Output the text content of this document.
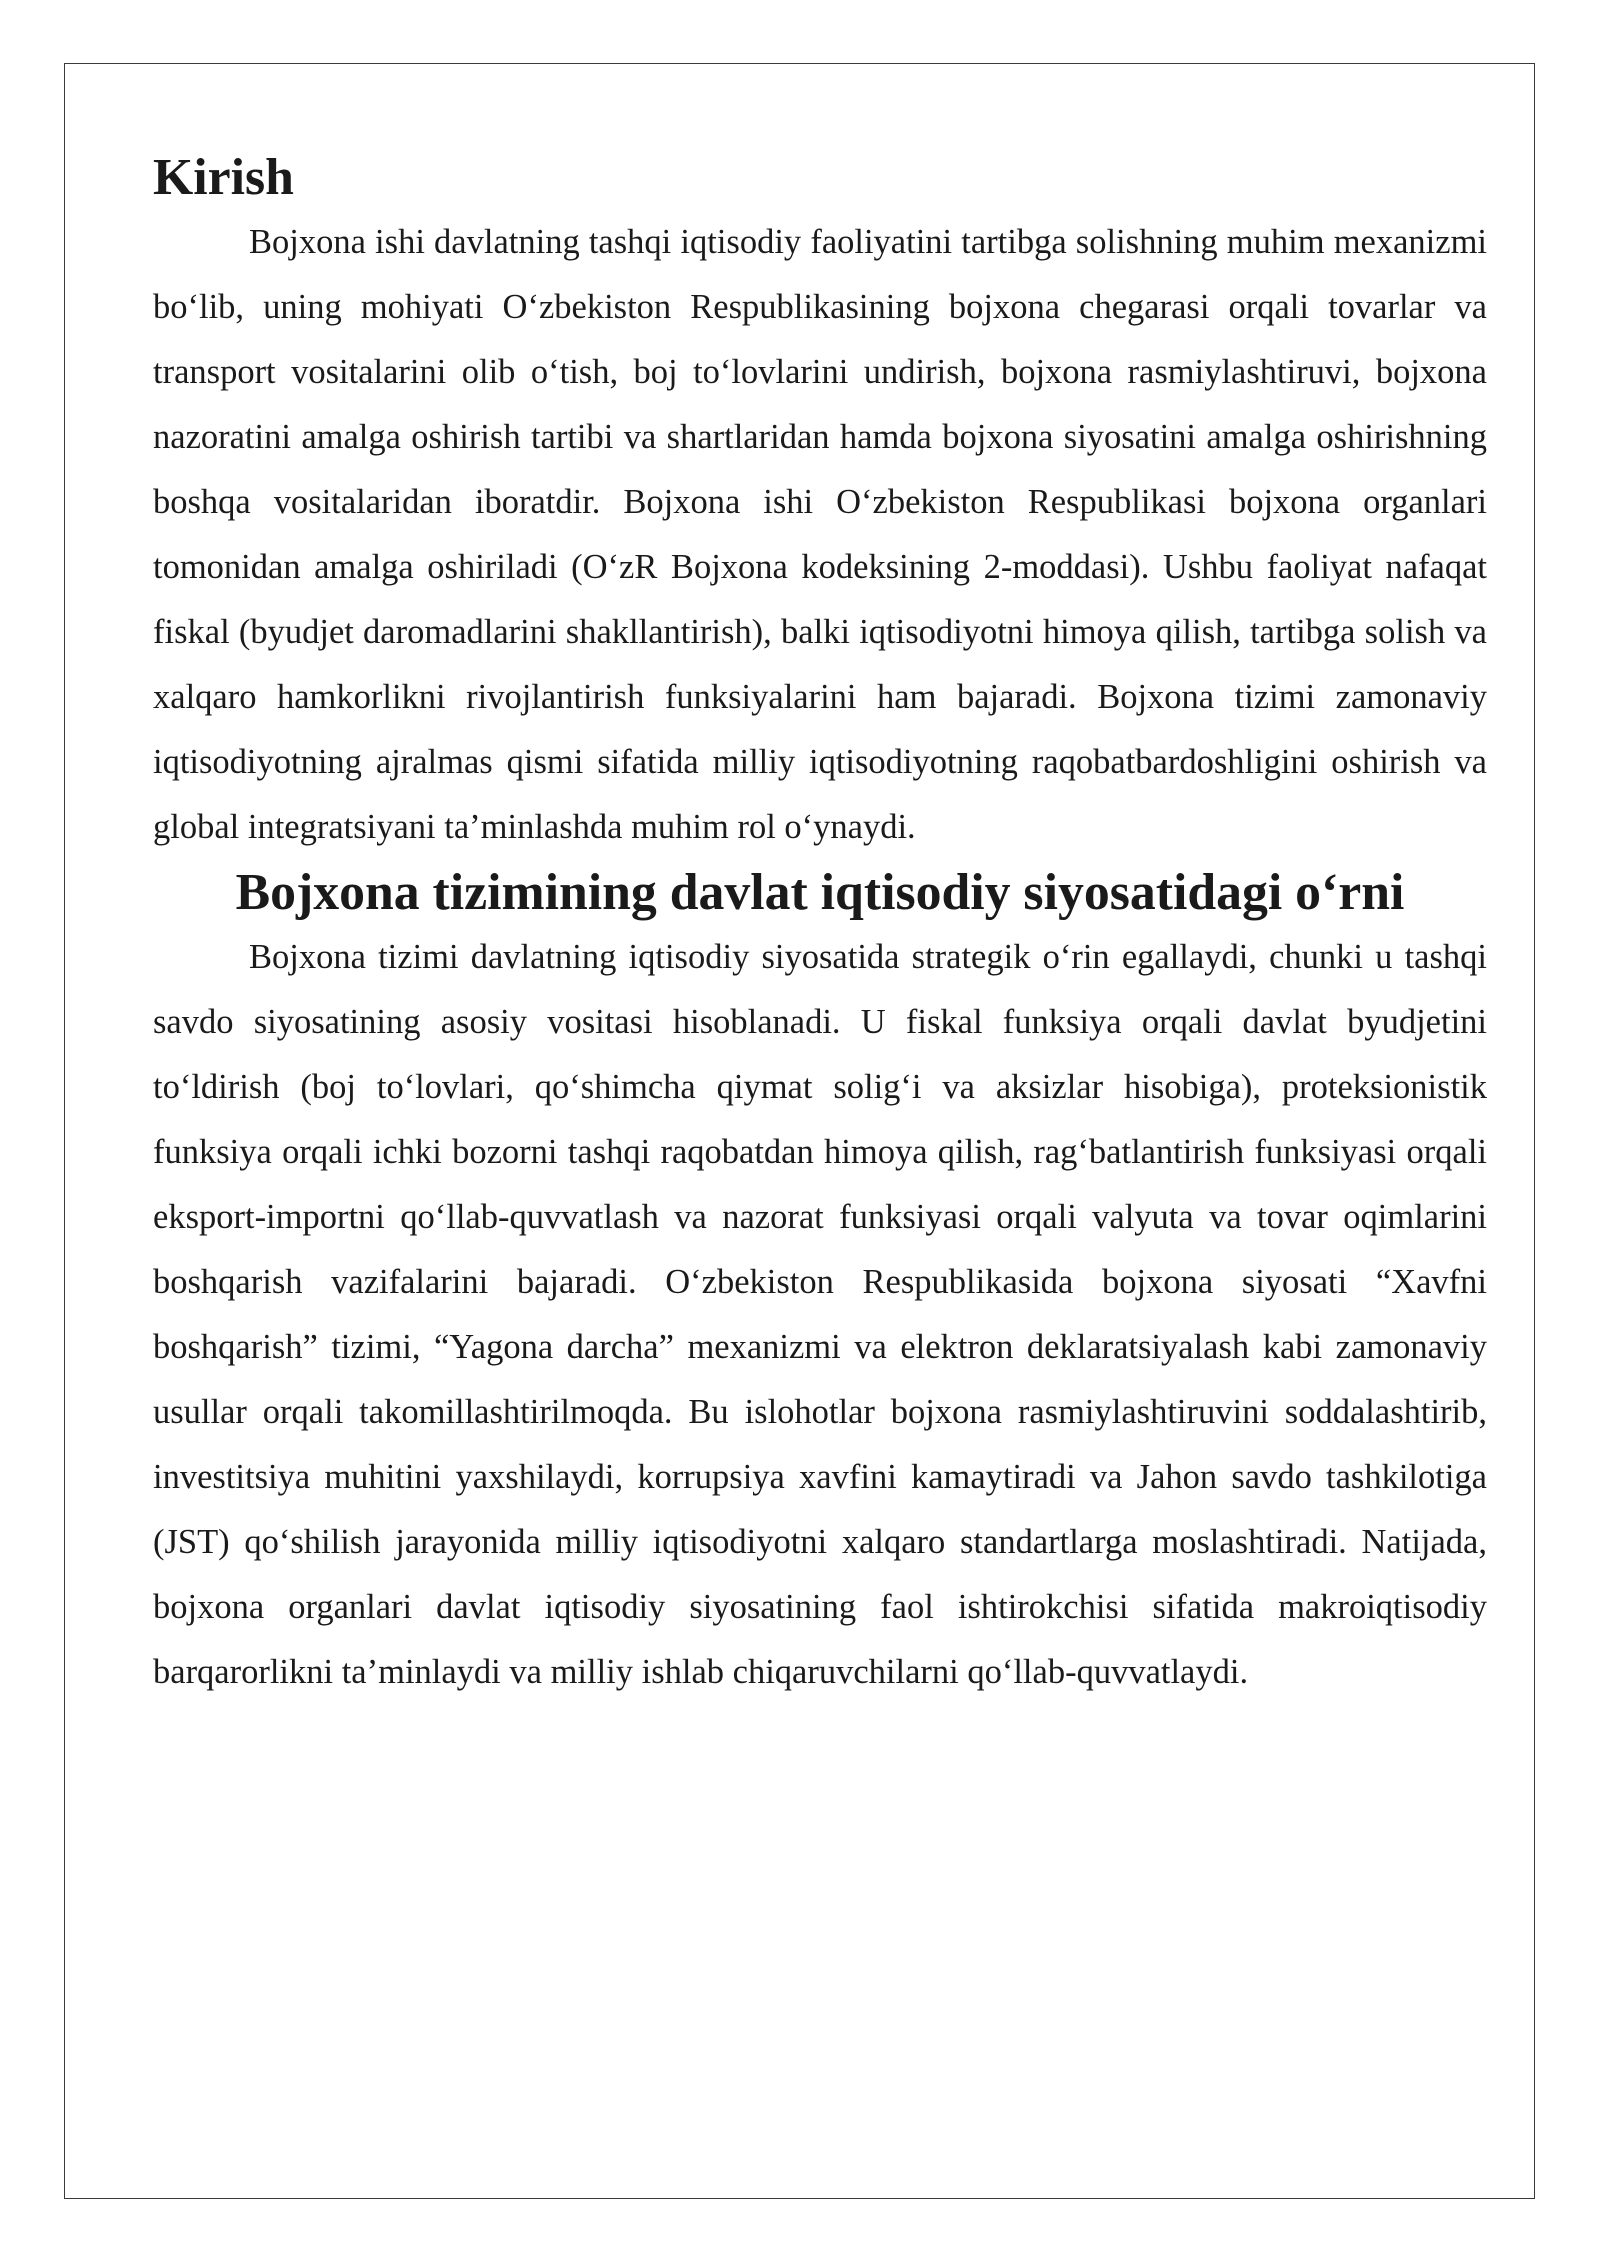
Kirish

Bojxona ishi davlatning tashqi iqtisodiy faoliyatini tartibga solishning muhim mexanizmi bo‘lib, uning mohiyati O‘zbekiston Respublikasining bojxona chegarasi orqali tovarlar va transport vositalarini olib o‘tish, boj to‘lovlarini undirish, bojxona rasmiylashtiruvi, bojxona nazoratini amalga oshirish tartibi va shartlaridan hamda bojxona siyosatini amalga oshirishning boshqa vositalaridan iboratdir. Bojxona ishi O‘zbekiston Respublikasi bojxona organlari tomonidan amalga oshiriladi (O‘zR Bojxona kodeksining 2-moddasi). Ushbu faoliyat nafaqat fiskal (byudjet daromadlarini shakllantirish), balki iqtisodiyotni himoya qilish, tartibga solish va xalqaro hamkorlikni rivojlantirish funksiyalarini ham bajaradi. Bojxona tizimi zamonaviy iqtisodiyotning ajralmas qismi sifatida milliy iqtisodiyotning raqobatbardoshligini oshirish va global integratsiyani ta’minlashda muhim rol o‘ynaydi.

Bojxona tizimining davlat iqtisodiy siyosatidagi o‘rni

Bojxona tizimi davlatning iqtisodiy siyosatida strategik o‘rin egallaydi, chunki u tashqi savdo siyosatining asosiy vositasi hisoblanadi. U fiskal funksiya orqali davlat byudjetini to‘ldirish (boj to‘lovlari, qo‘shimcha qiymat solig‘i va aksizlar hisobiga), proteksionistik funksiya orqali ichki bozorni tashqi raqobatdan himoya qilish, rag‘batlantirish funksiyasi orqali eksport-importni qo‘llab-quvvatlash va nazorat funksiyasi orqali valyuta va tovar oqimlarini boshqarish vazifalarini bajaradi. O‘zbekiston Respublikasida bojxona siyosati “Xavfni boshqarish” tizimi, “Yagona darcha” mexanizmi va elektron deklaratsiyalash kabi zamonaviy usullar orqali takomillashtirilmoqda. Bu islohotlar bojxona rasmiylashtiruvini soddalashtirib, investitsiya muhitini yaxshilaydi, korrupsiya xavfini kamaytiradi va Jahon savdo tashkilotiga (JST) qo‘shilish jarayonida milliy iqtisodiyotni xalqaro standartlarga moslashtiradi. Natijada, bojxona organlari davlat iqtisodiy siyosatining faol ishtirokchisi sifatida makroiqtisodiy barqarorlikni ta’minlaydi va milliy ishlab chiqaruvchilarni qo‘llab-quvvatlaydi.
